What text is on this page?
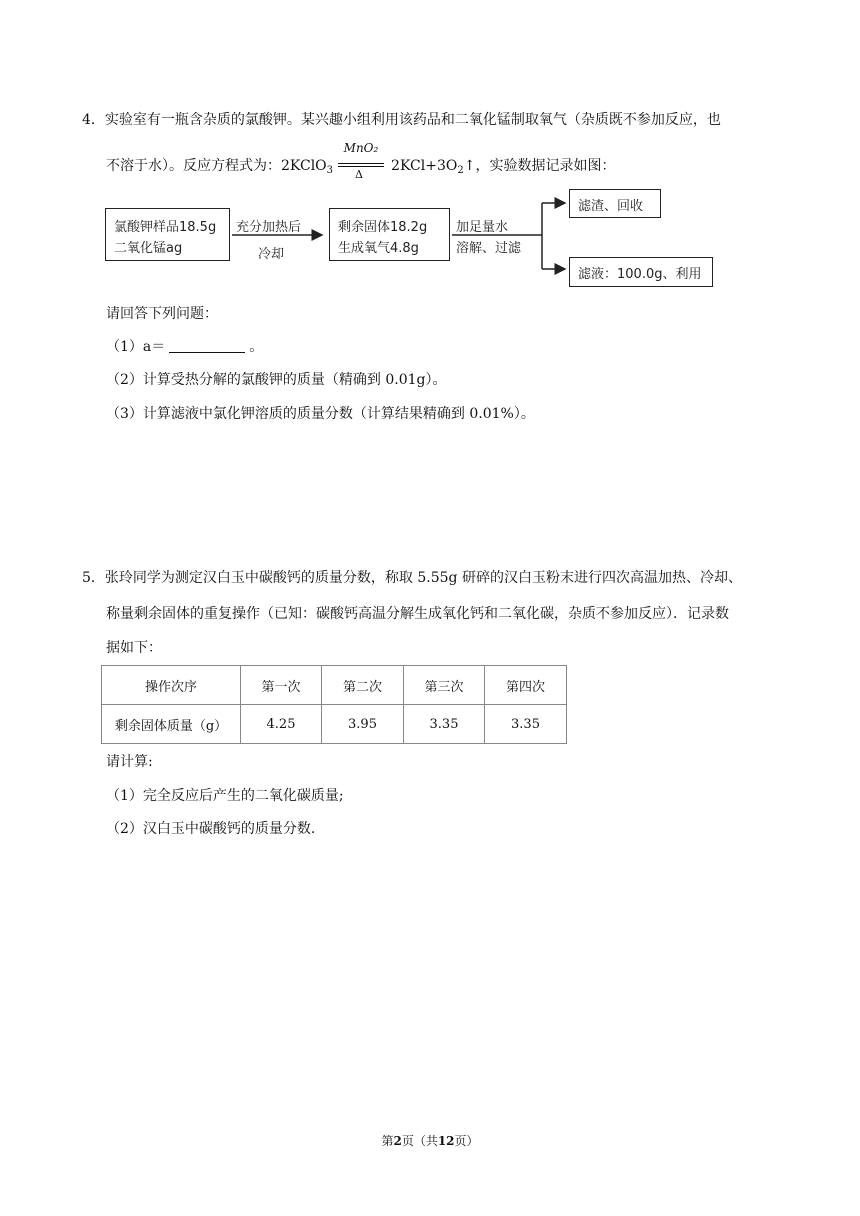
4．实验室有一瓶含杂质的氯酸钾。某兴趣小组利用该药品和二氧化锰制取氧气（杂质既不参加反应，也
不溶于水）。反应方程式为：2KClO$_3$	$2KCl+3O_2↑$，实验数据记录如图：
MnO₂
Δ
氯酸钾样品18.5g
二氧化锰ag
充分加热后
冷却
剩余固体18.2g
生成氧气4.8g
加足量水
溶解、过滤
滤渣、回收
滤液：100.0g、利用
请回答下列问题：
（1）a＝	。
（2）计算受热分解的氯酸钾的质量（精确到 0.01g）。
（3）计算滤液中氯化钾溶质的质量分数（计算结果精确到 0.01%）。
5．张玲同学为测定汉白玉中碳酸钙的质量分数，称取 5.55g 研碎的汉白玉粉末进行四次高温加热、冷却、
称量剩余固体的重复操作（已知：碳酸钙高温分解生成氧化钙和二氧化碳，杂质不参加反应）．记录数
据如下：
操作次序	第一次	第二次	第三次	第四次
剩余固体质量（g）	4.25	3.95	3.35	3.35
请计算:
（1）完全反应后产生的二氧化碳质量;
（2）汉白玉中碳酸钙的质量分数．
第2页（共12页）
